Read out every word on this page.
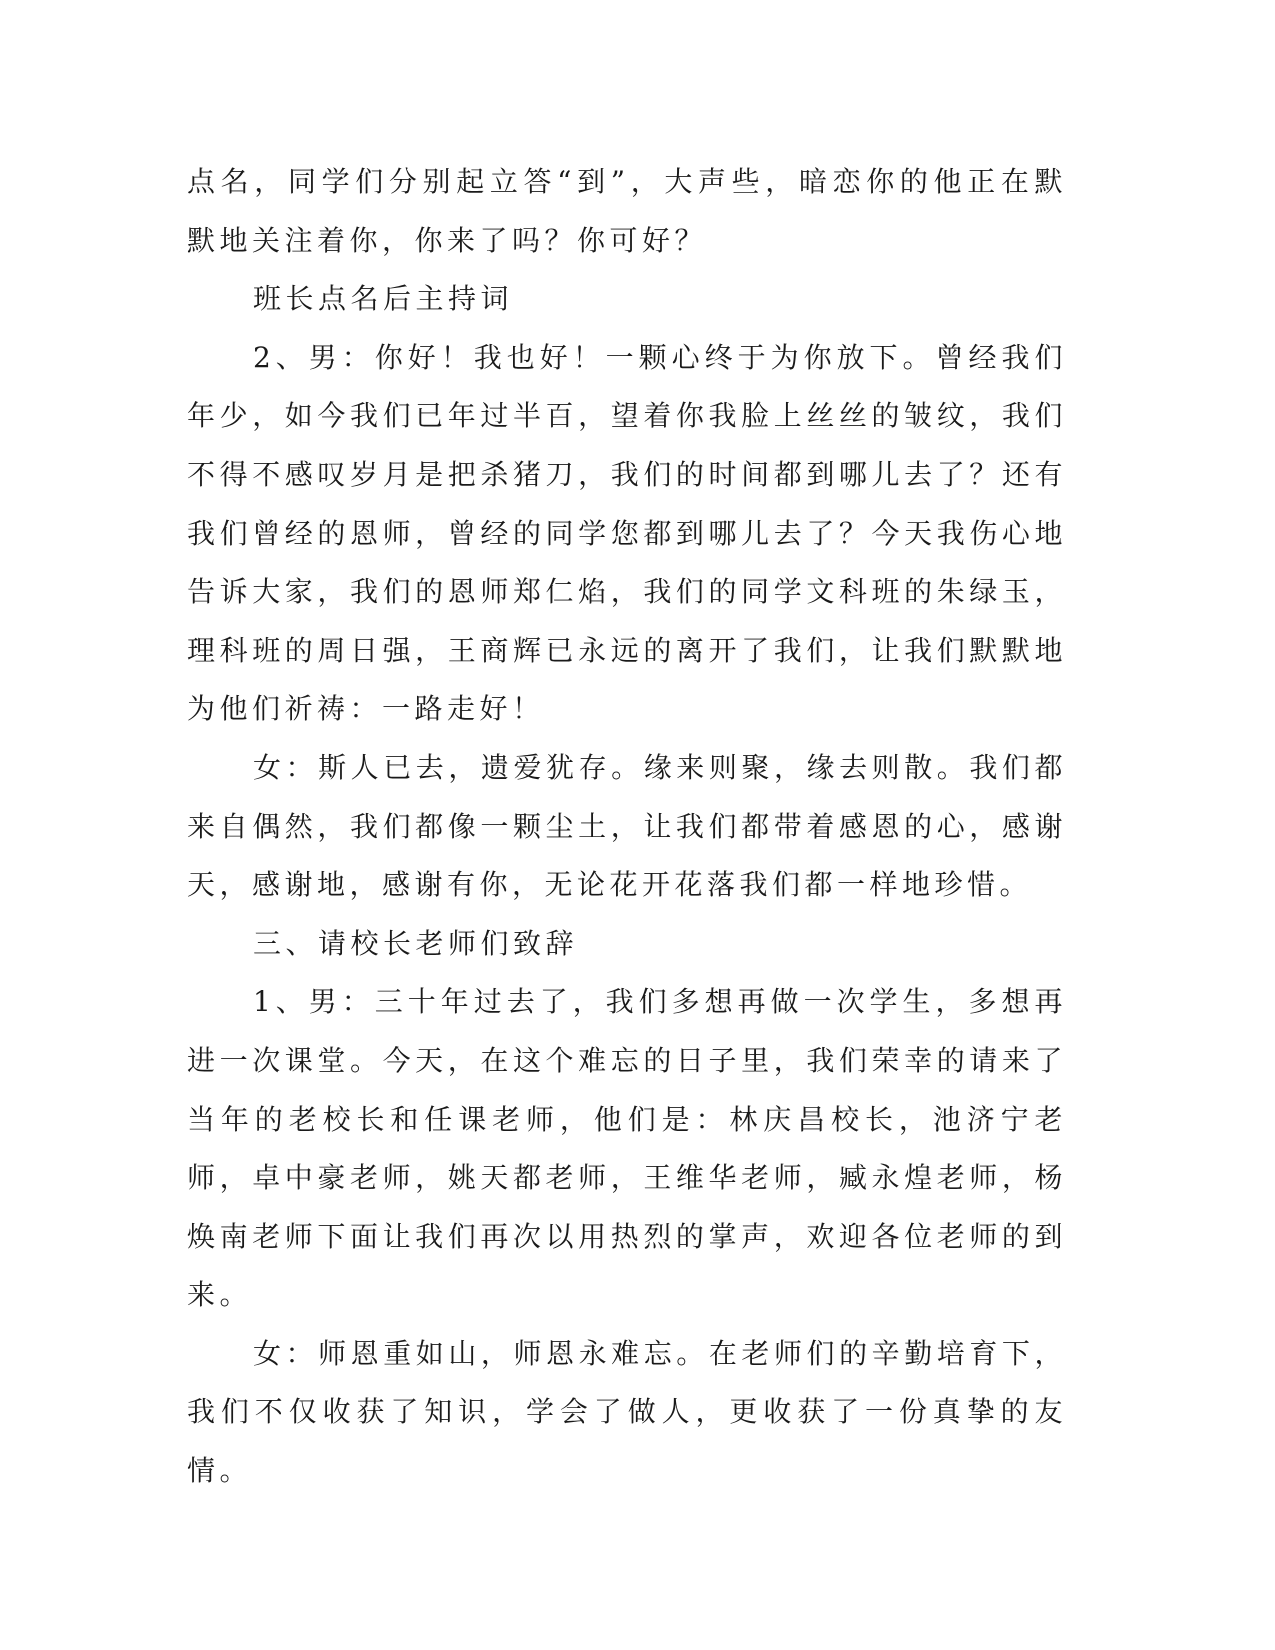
点名，同学们分别起立答“到”，大声些，暗恋你的他正在默默地关注着你，你来了吗？你可好？

班长点名后主持词

2、男：你好！我也好！一颗心终于为你放下。曾经我们年少，如今我们已年过半百，望着你我脸上丝丝的皱纹，我们不得不感叹岁月是把杀猪刀，我们的时间都到哪儿去了？还有我们曾经的恩师，曾经的同学您都到哪儿去了？今天我伤心地告诉大家，我们的恩师郑仁焰，我们的同学文科班的朱绿玉，理科班的周日强，王商辉已永远的离开了我们，让我们默默地为他们祈祷：一路走好！

女：斯人已去，遗爱犹存。缘来则聚，缘去则散。我们都来自偶然，我们都像一颗尘土，让我们都带着感恩的心，感谢天，感谢地，感谢有你，无论花开花落我们都一样地珍惜。

三、请校长老师们致辞

1、男：三十年过去了，我们多想再做一次学生，多想再进一次课堂。今天，在这个难忘的日子里，我们荣幸的请来了当年的老校长和任课老师，他们是：林庆昌校长，池济宁老师，卓中豪老师，姚天都老师，王维华老师，臧永煌老师，杨焕南老师下面让我们再次以用热烈的掌声，欢迎各位老师的到来。

女：师恩重如山，师恩永难忘。在老师们的辛勤培育下，我们不仅收获了知识，学会了做人，更收获了一份真挚的友情。
